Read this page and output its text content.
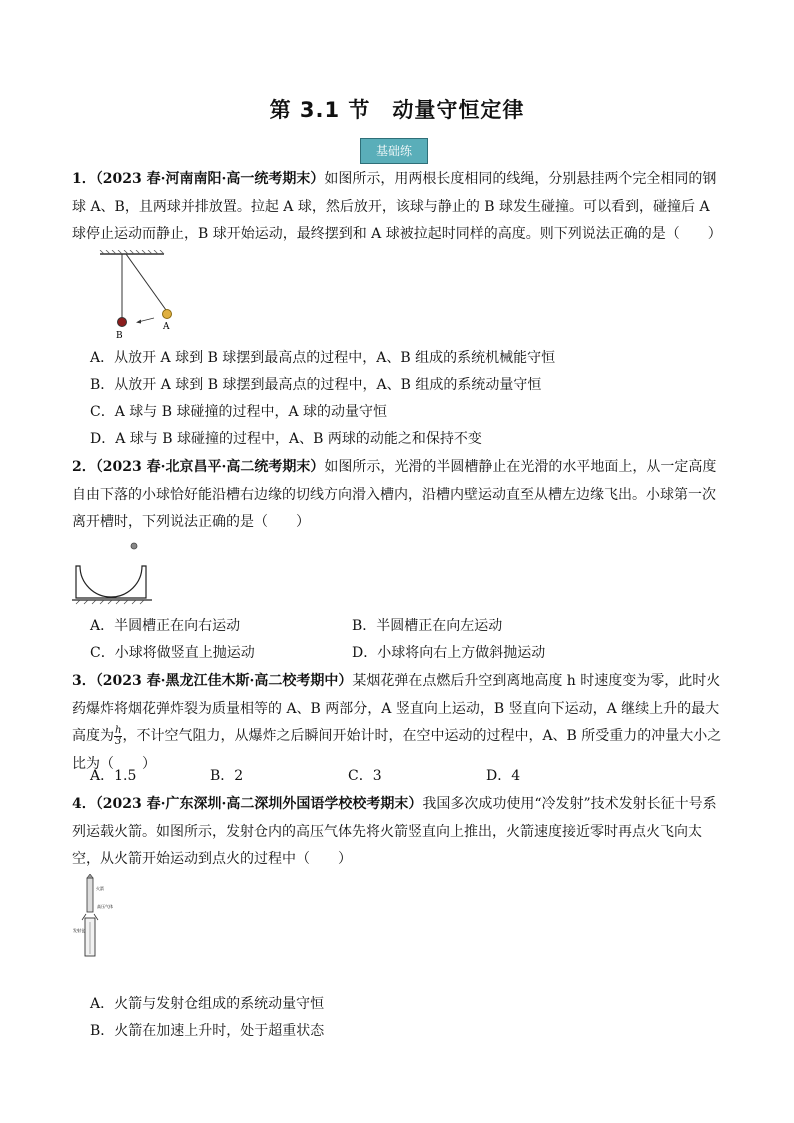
第 3.1 节　动量守恒定律
基础练
1．（2023 春·河南南阳·高一统考期末）如图所示，用两根长度相同的线绳，分别悬挂两个完全相同的钢球 A、B，且两球并排放置。拉起 A 球，然后放开，该球与静止的 B 球发生碰撞。可以看到，碰撞后 A 球停止运动而静止，B 球开始运动，最终摆到和 A 球被拉起时同样的高度。则下列说法正确的是（　　）
B
A
A．从放开 A 球到 B 球摆到最高点的过程中，A、B 组成的系统机械能守恒
B．从放开 A 球到 B 球摆到最高点的过程中，A、B 组成的系统动量守恒
C．A 球与 B 球碰撞的过程中，A 球的动量守恒
D．A 球与 B 球碰撞的过程中，A、B 两球的动能之和保持不变
2．（2023 春·北京昌平·高二统考期末）如图所示，光滑的半圆槽静止在光滑的水平地面上，从一定高度自由下落的小球恰好能沿槽右边缘的切线方向滑入槽内，沿槽内壁运动直至从槽左边缘飞出。小球第一次离开槽时，下列说法正确的是（　　）
A．半圆槽正在向右运动	B．半圆槽正在向左运动
C．小球将做竖直上抛运动	D．小球将向右上方做斜抛运动
3．（2023 春·黑龙江佳木斯·高二校考期中）某烟花弹在点燃后升空到离地高度 h 时速度变为零，此时火药爆炸将烟花弹炸裂为质量相等的 A、B 两部分，A 竖直向上运动，B 竖直向下运动，A 继续上升的最大高度为 $\frac{h}{3}$ ，不计空气阻力，从爆炸之后瞬间开始计时，在空中运动的过程中，A、B 所受重力的冲量大小之比为（　　）
A．1.5	B．2	C．3	D．4
4．（2023 春·广东深圳·高二深圳外国语学校校考期末）我国多次成功使用“冷发射”技术发射长征十号系列运载火箭。如图所示，发射仓内的高压气体先将火箭竖直向上推出，火箭速度接近零时再点火飞向太空，从火箭开始运动到点火的过程中（　　）
火箭
高压气体
发射仓
A．火箭与发射仓组成的系统动量守恒
B．火箭在加速上升时，处于超重状态
